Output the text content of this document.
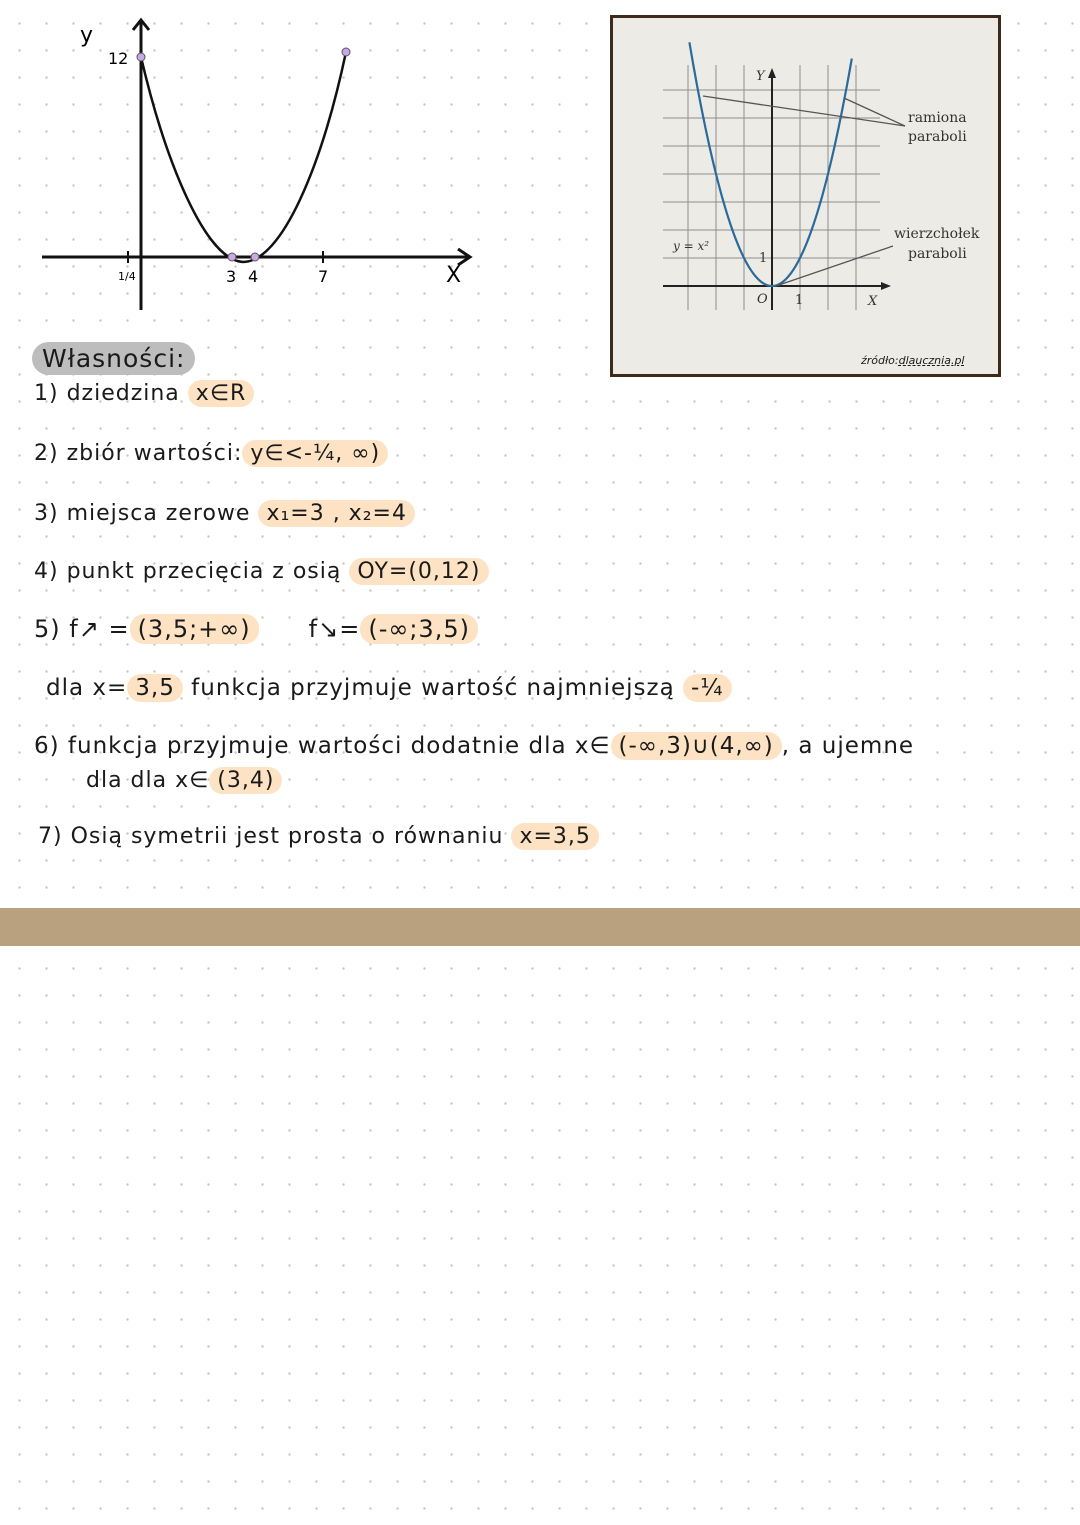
y
X
12
1/4	3 4	7
Y
X
O 1
1
y = x²
ramiona
paraboli
wierzchołek
paraboli
źródło:dlaucznia.pl
Własności:
1) dziedzina x∈R
2) zbiór wartości: y∈<-¼, ∞)
3) miejsca zerowe x₁=3 , x₂=4
4) punkt przecięcia z osią OY=(0,12)
5) f↗ = (3,5;+∞) f↘= (-∞;3,5)
dla x= 3,5 funkcja przyjmuje wartość najmniejszą -¼
6) funkcja przyjmuje wartości dodatnie dla x∈ (-∞,3)∪(4,∞) , a ujemne
dla dla x∈ (3,4)
7) Osią symetrii jest prosta o równaniu x=3,5
